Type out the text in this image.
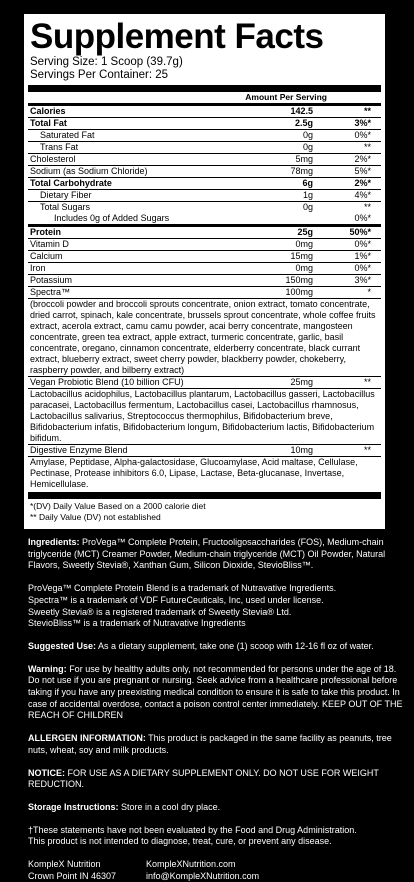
Supplement Facts
Serving Size: 1 Scoop (39.7g)
Servings Per Container: 25
Amount Per Serving
Calories	142.5	**
Total Fat	2.5g	3%*
Saturated Fat	0g	0%*
Trans Fat	0g	**
Cholesterol	5mg	2%*
Sodium (as Sodium Chloride)	78mg	5%*
Total Carbohydrate	6g	2%*
Dietary Fiber	1g	4%*
Total Sugars	0g	**
Includes 0g of Added Sugars	0%*
Protein	25g	50%*
Vitamin D	0mg	0%*
Calcium	15mg	1%*
Iron	0mg	0%*
Potassium	150mg	3%*
Spectra™	100mg	*
(broccoli powder and broccoli sprouts concentrate, onion extract, tomato concentrate, dried carrot, spinach, kale concentrate, brussels sprout concentrate, whole coffee fruits extract, acerola extract, camu camu powder, acai berry concentrate, mangosteen concentrate, green tea extract, apple extract, turmeric concentrate, garlic, basil concentrate, oregano, cinnamon concentrate, elderberry concentrate, black currant extract, blueberry extract, sweet cherry powder, blackberry powder, chokeberry, raspberry powder, and bilberry extract)
Vegan Probiotic Blend (10 billion CFU)	25mg	**
Lactobacillus acidophilus, Lactobacillus plantarum, Lactobacillus gasseri, Lactobacillus paracasei, Lactobacillus fermentum, Lactobacillus casei, Lactobacillus rhamnosus, Lactobacillus salivarius, Streptococcus thermophilus, Bifidobacterium breve, Bifidobacterium infatis, Bifidobacterium longum, Bifidobacterium lactis, Bifidobacterium bifidum.
Digestive Enzyme Blend	10mg	**
Amylase, Peptidase, Alpha-galactosidase, Glucoamylase, Acid maltase, Cellulase, Pectinase, Protease inhibitors 6.0, Lipase, Lactase, Beta-glucanase, Invertase, Hemicellulase.
*(DV) Daily Value Based on a 2000 calorie diet
** Daily Value (DV) not established
Ingredients: ProVega™ Complete Protein, Fructooligosaccharides (FOS), Medium-chain triglyceride (MCT) Creamer Powder, Medium-chain triglyceride (MCT) Oil Powder, Natural Flavors, Sweetly Stevia®, Xanthan Gum, Silicon Dioxide, StevioBliss™.
ProVega™ Complete Protein Blend is a trademark of Nutravative Ingredients.
Spectra™ is a trademark of VDF FutureCeuticals, Inc, used under license.
Sweetly Stevia® is a registered trademark of Sweetly Stevia® Ltd.
StevioBliss™ is a trademark of Nutravative Ingredients
Suggested Use: As a dietary supplement, take one (1) scoop with 12-16 fl oz of water.
Warning: For use by healthy adults only, not recommended for persons under the age of 18. Do not use if you are pregnant or nursing. Seek advice from a healthcare professional before taking if you have any preexisting medical condition to ensure it is safe to take this product. In case of accidental overdose, contact a poison control center immediately. KEEP OUT OF THE REACH OF CHILDREN
ALLERGEN INFORMATION: This product is packaged in the same facility as peanuts, tree nuts, wheat, soy and milk products.
NOTICE: FOR USE AS A DIETARY SUPPLEMENT ONLY. DO NOT USE FOR WEIGHT REDUCTION.
Storage Instructions: Store in a cool dry place.
†These statements have not been evaluated by the Food and Drug Administration.
This product is not intended to diagnose, treat, cure, or prevent any disease.
KompleX Nutrition
Crown Point IN 46307
KompleXNutrition.com
info@KompleXNutrition.com
